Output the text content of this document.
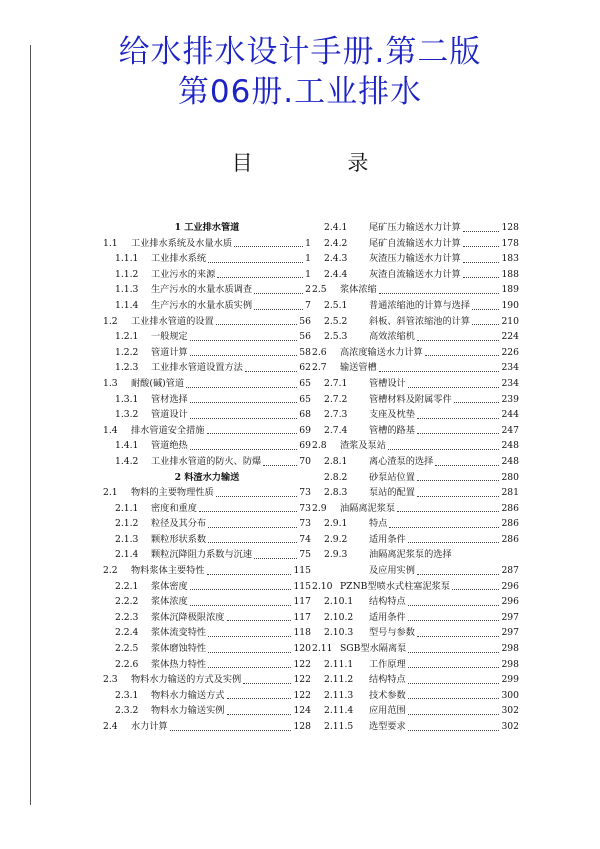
给水排水设计手册.第二版
第06册.工业排水
目 录
1 工业排水管道
1.1	工业排水系统及水量水质	1
1.1.1	工业排水系统	1
1.1.2	工业污水的来源	1
1.1.3	生产污水的水量水质调查	2
1.1.4	生产污水的水量水质实例	7
1.2	工业排水管道的设置	56
1.2.1	一般规定	56
1.2.2	管道计算	58
1.2.3	工业排水管道设置方法	62
1.3	耐酸(碱)管道	65
1.3.1	管材选择	65
1.3.2	管道设计	68
1.4	排水管道安全措施	69
1.4.1	管道绝热	69
1.4.2	工业排水管道的防火、防爆	70
2 料渣水力输送
2.1	物料的主要物理性质	73
2.1.1	密度和重度	73
2.1.2	粒径及其分布	73
2.1.3	颗粒形状系数	74
2.1.4	颗粒沉降阻力系数与沉速	75
2.2	物料浆体主要特性	115
2.2.1	浆体密度	115
2.2.2	浆体浓度	117
2.2.3	浆体沉降极限浓度	117
2.2.4	浆体流变特性	118
2.2.5	浆体磨蚀特性	120
2.2.6	浆体热力特性	122
2.3	物料水力输送的方式及实例	122
2.3.1	物料水力输送方式	122
2.3.2	物料水力输送实例	124
2.4	水力计算	128
2.4.1	尾矿压力输送水力计算	128
2.4.2	尾矿自流输送水力计算	178
2.4.3	灰渣压力输送水力计算	183
2.4.4	灰渣自流输送水力计算	188
2.5	浆体浓缩	189
2.5.1	普通浓缩池的计算与选择	190
2.5.2	斜板、斜管浓缩池的计算	210
2.5.3	高效浓缩机	224
2.6	高浓度输送水力计算	226
2.7	输送管槽	234
2.7.1	管槽设计	234
2.7.2	管槽材料及附属零件	239
2.7.3	支座及枕垫	244
2.7.4	管槽的路基	247
2.8	渣浆及泵站	248
2.8.1	离心渣泵的选择	248
2.8.2	砂泵站位置	280
2.8.3	泵站的配置	281
2.9	油隔离泥浆泵	286
2.9.1	特点	286
2.9.2	适用条件	286
2.9.3	油隔离泥浆泵的选择
及应用实例	287
2.10 PZNB型喷水式柱塞泥浆泵	296
2.10.1	结构特点	296
2.10.2	适用条件	297
2.10.3	型号与参数	297
2.11 SGB型水隔离泵	298
2.11.1	工作原理	298
2.11.2	结构特点	299
2.11.3	技术参数	300
2.11.4	应用范围	302
2.11.5	选型要求	302
